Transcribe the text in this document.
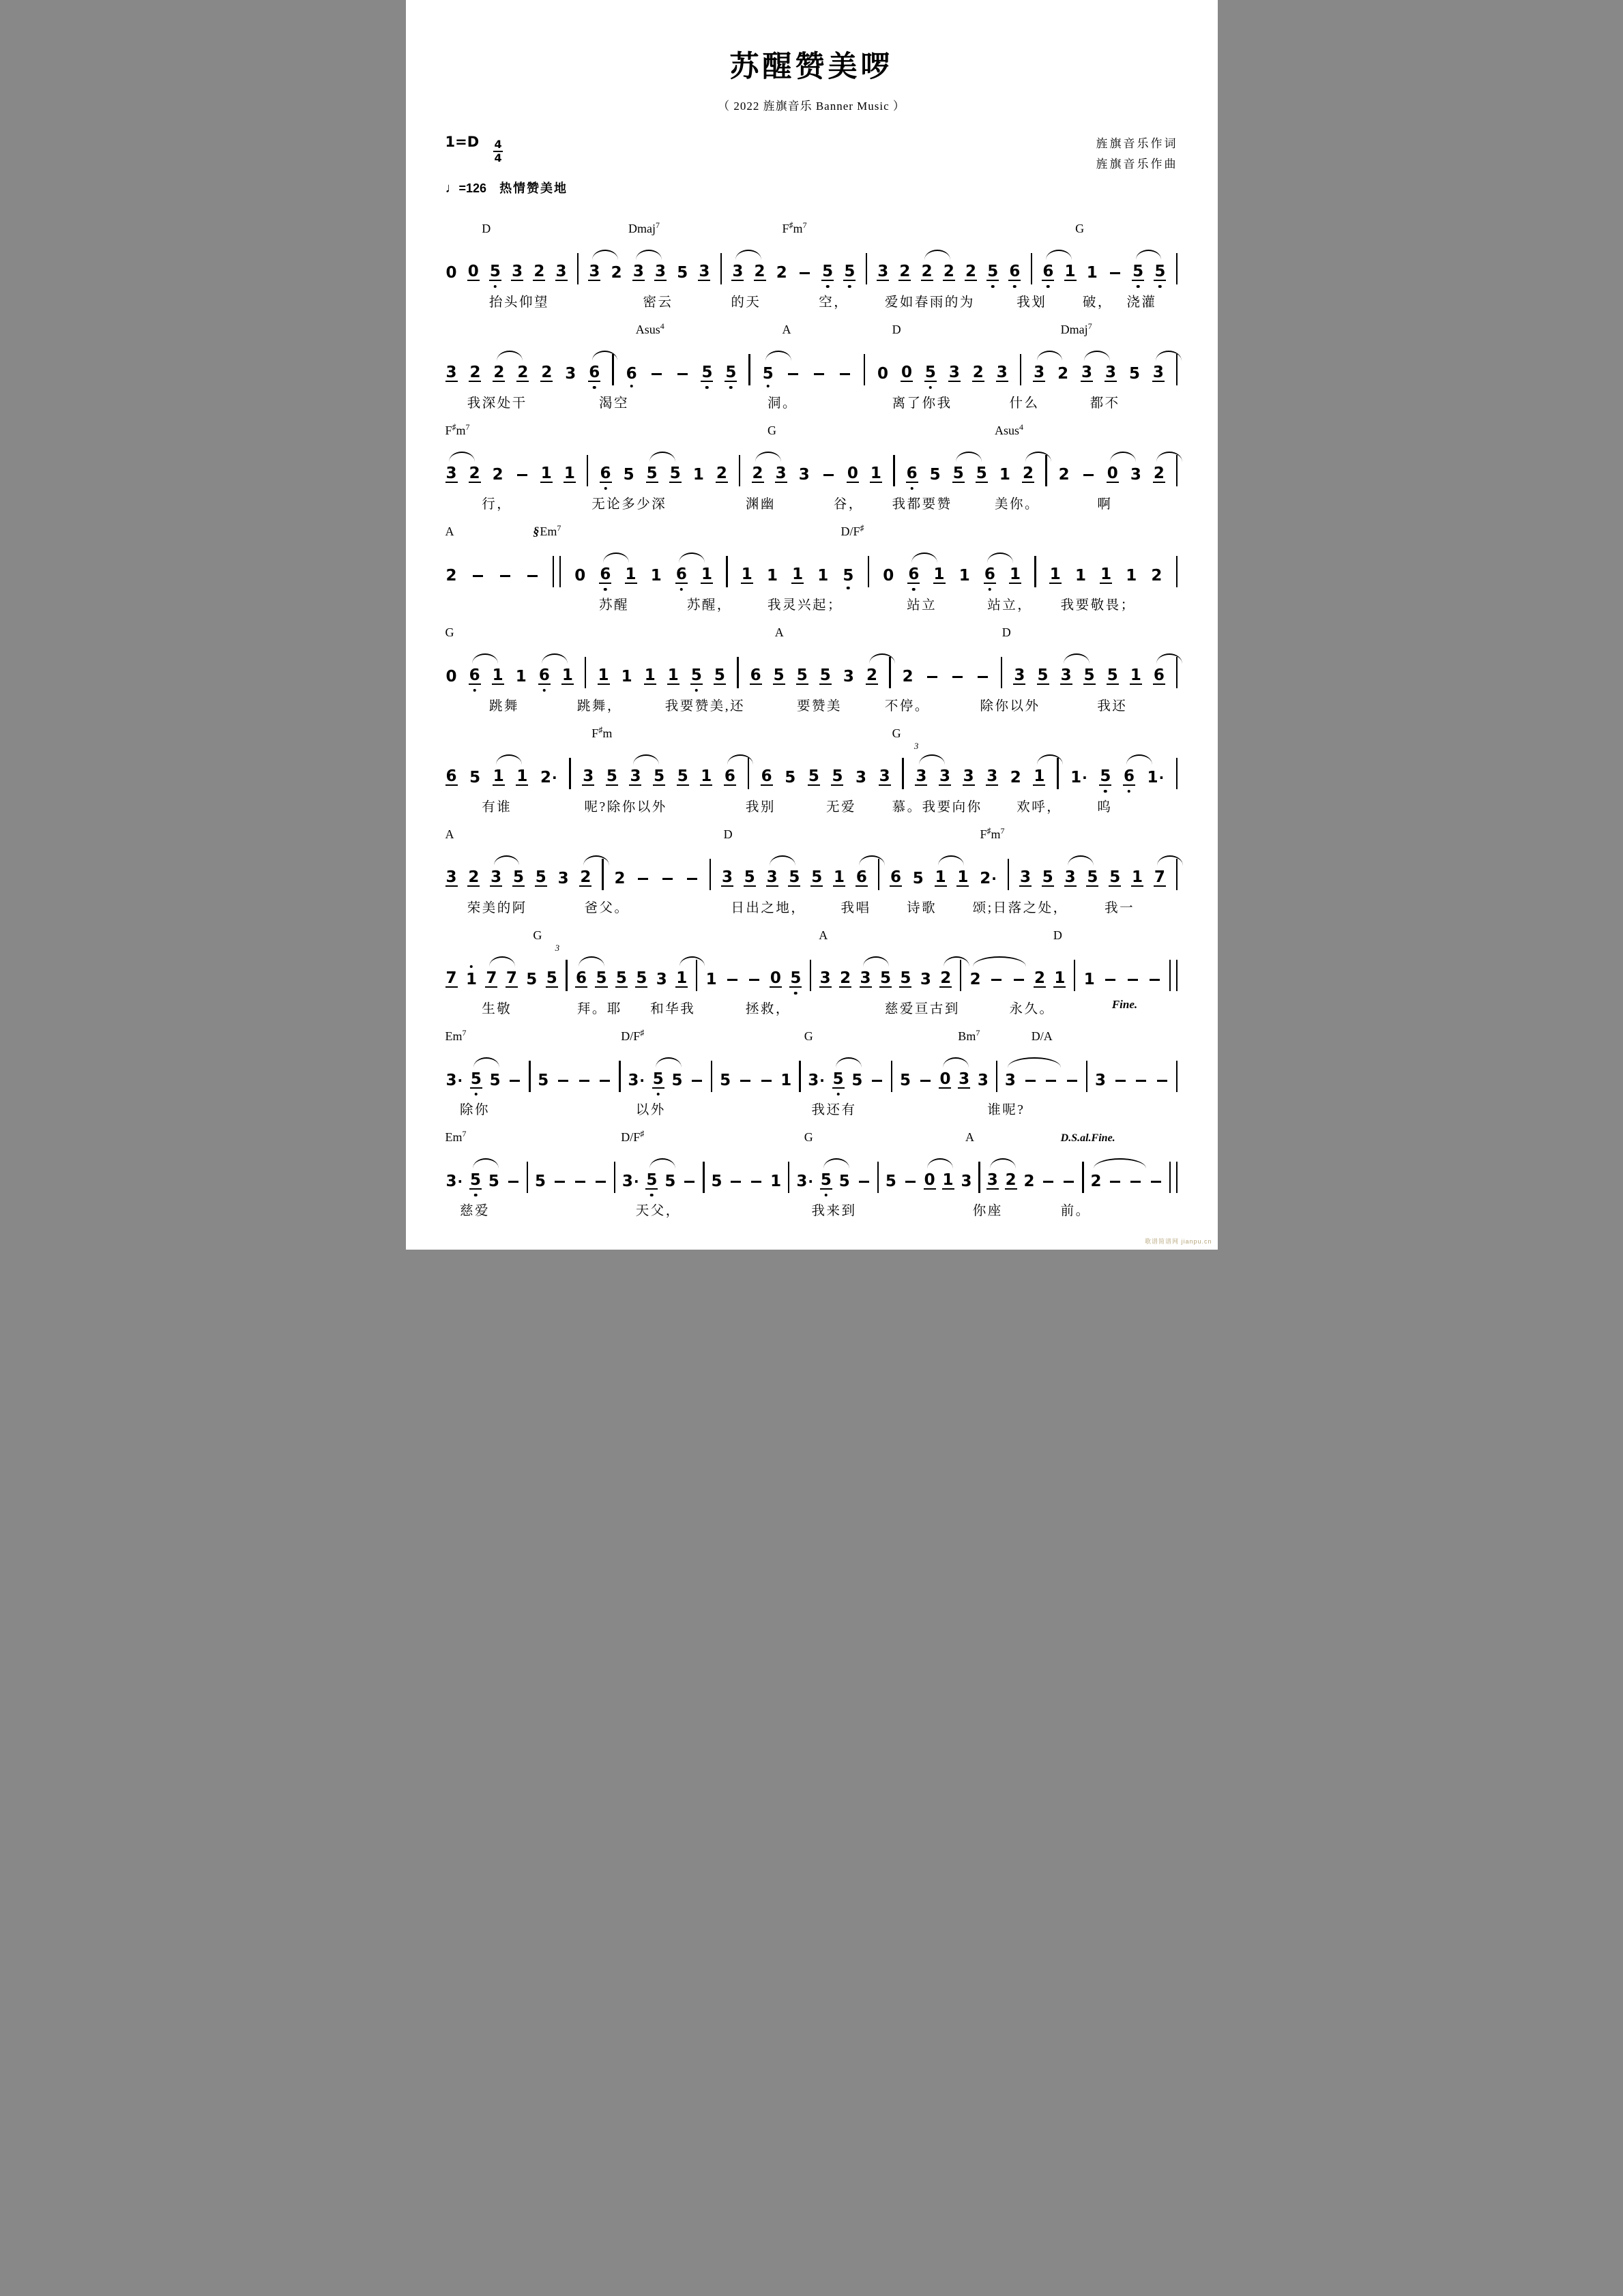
苏醒赞美啰
（ 2022 旌旗音乐 Banner Music ）
$1=D \frac{4}{4}$
♩=126 热情赞美地
旌旗音乐作词
旌旗音乐作曲
D	Dmaj$^7$	$F^♯m^7$	G
0 0 5 3 2 3 3 2 3 3 5 3 3 2 2 5 5 3 2 2 2 2 5 6 6 1 1 5 5
抬头仰望	密云	的天	空，	爱如春雨的为	我划	破， 浇灌
Asus$^4$	A	D	Dmaj$^7$
3 2 2 2 2 3 6 6	5 5 5	0 0 5 3 2 3 3 2 3 3 5 3
我深处干	渴空	洞。	离了你我	什么	都不
$F^♯m^7$	G	Asus$^4$
3 2 2 1 1 6 5 5 5 1 2 2 3 3 0 1 6 5 5 5 1 2 2 0 3 2
行，	无论多少深	渊幽	谷， 我都要赞	美你。	啊
A	§Em$^7$	D/F♯
2	0 6 1 1 6 1 1 1 1 1 5 0 6 1 1 6 1 1 1 1 1 2
苏醒	苏醒，	我灵兴起；	站立	站立， 我要敬畏；
G	A	D
0 6 1 1 6 1 1 1 1 1 5 5 6 5 5 5 3 2 2	3 5 3 5 5 1 6
跳舞	跳舞，	我要赞美,还	要赞美	不停。	除你以外	我还
F♯m	G
3
6 5 1 1 2· 3 5 3 5 5 1 6 6 5 5 5 3 3 3 3 3 3 2 1 1· 5 6 1·
有谁	呢?除你以外	我别	无爱	慕。我要向你	欢呼，	呜
A	D	$F^♯m^7$
3 2 3 5 5 3 2 2	3 5 3 5 5 1 6 6 5 1 1 2· 3 5 3 5 5 1 7
荣美的阿	爸父。	日出之地，	我唱	诗歌	颂;日落之处，	我一
G
3
A	D
7 1 7 7 5 5 6 5 5 5 3 1 1	0 5 3 2 3 5 5 3 2 2	2 1 1
生敬	拜。耶 和华我	拯救，	慈爱亘古到	永久。	Fine.
Em$^7$	D/F♯	G	Bm$^7$	D/A
3· 5 5 5	3· 5 5 5	1 3· 5 5 5 0 3 3 3	3
除你	以外	我还有	谁呢?
Em$^7$	D/F♯	G	A	D.S.al.Fine.
3· 5 5 5	3· 5 5 5	1 3· 5 5 5 0 1 3 3 2 2	2
慈爱	天父，	我来到	你座	前。
歌谱简谱网 jianpu.cn
